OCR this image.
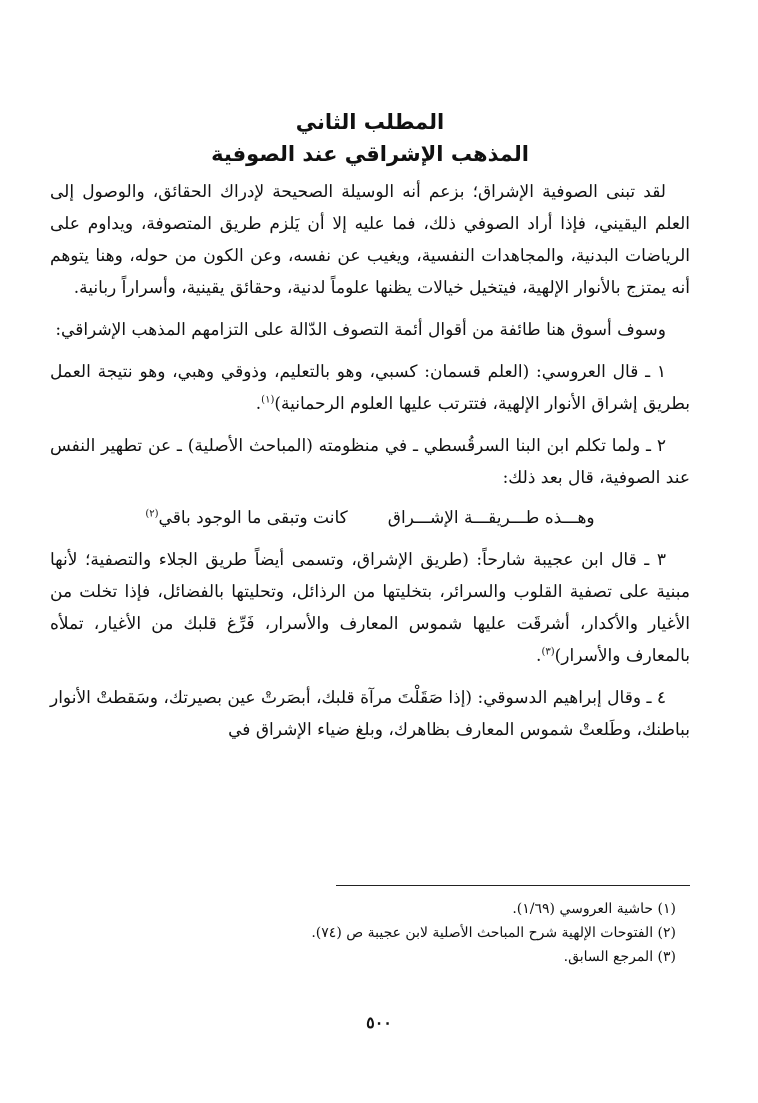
المطلب الثاني
المذهب الإشراقي عند الصوفية

لقد تبنى الصوفية الإشراق؛ بزعم أنه الوسيلة الصحيحة لإدراك الحقائق، والوصول إلى العلم اليقيني، فإذا أراد الصوفي ذلك، فما عليه إلا أن يَلزم طريق المتصوفة، ويداوم على الرياضات البدنية، والمجاهدات النفسية، ويغيب عن نفسه، وعن الكون من حوله، وهنا يتوهم أنه يمتزج بالأنوار الإلهية، فيتخيل خيالات يظنها علوماً لدنية، وحقائق يقينية، وأسراراً ربانية.

وسوف أسوق هنا طائفة من أقوال أئمة التصوف الدّالة على التزامهم المذهب الإشراقي:

١ ـ قال العروسي: (العلم قسمان: كسبي، وهو بالتعليم، وذوقي وهبي، وهو نتيجة العمل بطريق إشراق الأنوار الإلهية، فتترتب عليها العلوم الرحمانية)$^{(١)}$.

٢ ـ ولما تكلم ابن البنا السرقُسطي ـ في منظومته (المباحث الأصلية) ـ عن تطهير النفس عند الصوفية، قال بعد ذلك:

وهـــذه طـــريقـــة الإشـــراق
كانت وتبقى ما الوجود باقي$^{(٢)}$

٣ ـ قال ابن عجيبة شارحاً: (طريق الإشراق، وتسمى أيضاً طريق الجلاء والتصفية؛ لأنها مبنية على تصفية القلوب والسرائر، بتخليتها من الرذائل، وتحليتها بالفضائل، فإذا تخلت من الأغيار والأكدار، أشرقَت عليها شموس المعارف والأسرار، فَرِّغ قلبك من الأغيار، تملأه بالمعارف والأسرار)$^{(٣)}$.

٤ ـ وقال إبراهيم الدسوقي: (إذا صَقَلْتَ مرآة قلبك، أبصَرتْ عين بصيرتك، وسَقطتْ الأنوار بباطنك، وطَلعتْ شموس المعارف بظاهرك، وبلغ ضياء الإشراق في

(١) حاشية العروسي (١/٦٩).

(٢) الفتوحات الإلهية شرح المباحث الأصلية لابن عجيبة ص (٧٤).

(٣) المرجع السابق.

٥٠٠
